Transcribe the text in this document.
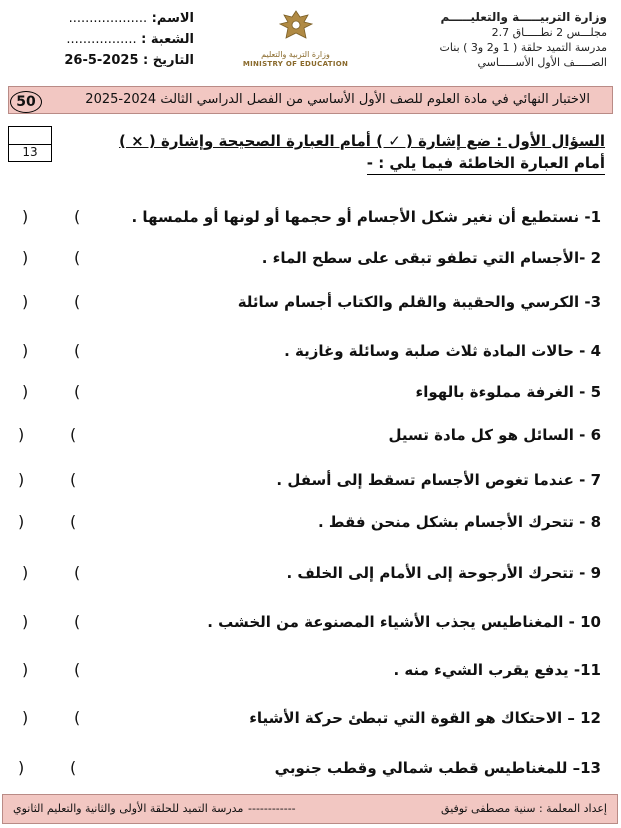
وزارة التربيـــــة والتعليـــــم
مجلـــس 2 نطـــــاق 2.7
مدرسة التميد حلقة ( 1 و2 و3 ) بنات
الصـــــف الأول الأســـــاسي
وزارة التربية والتعليم
MINISTRY OF EDUCATION
الاسم: ...................
الشعبة : .................
التاريخ : 26-5-2025
الاختبار النهائي في مادة العلوم للصف الأول الأساسي من الفصل الدراسي الثالث 2024-2025
50
13
السؤال الأول : ضع إشارة ( ✓ ) أمام العبارة الصحيحة وإشارة ( × )
أمام العبارة الخاطئة فيما يلي : -
1- نستطيع أن نغير شكل الأجسام أو حجمها أو لونها أو ملمسها .
)	(
2 -الأجسام التي تطفو تبقى على سطح الماء .
)	(
3- الكرسي والحقيبة والقلم والكتاب أجسام سائلة
)	(
4 - حالات المادة ثلاث صلبة وسائلة وغازية .
)	(
5 - الغرفة مملوءة بالهواء
)	(
6 - السائل هو كل مادة تسيل
)	(
7 - عندما تغوص الأجسام تسقط إلى أسفل .
)	(
8 - تتحرك الأجسام بشكل منحن فقط .
)	(
9 - تتحرك الأرجوحة إلى الأمام إلى الخلف .
)	(
10 - المغناطيس يجذب الأشياء المصنوعة من الخشب .
)	(
11- يدفع يقرب الشيء منه .
)	(
12 – الاحتكاك هو القوة التي تبطئ حركة الأشياء
)	(
13– للمغناطيس قطب شمالي وقطب جنوبي
)	(
إعداد المعلمة : سنية مصطفى توفيق
------------
مدرسة التميد للحلقة الأولى والثانية والتعليم الثانوي
